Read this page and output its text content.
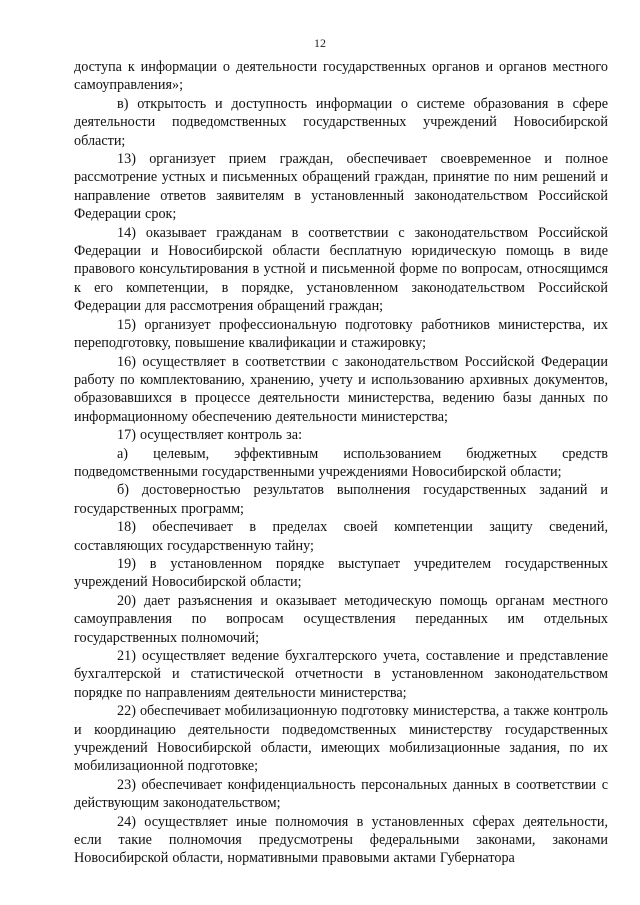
12

доступа к информации о деятельности государственных органов и органов местного самоуправления»;

в) открытость и доступность информации о системе образования в сфере деятельности подведомственных государственных учреждений Новосибирской области;

13) организует прием граждан, обеспечивает своевременное и полное рассмотрение устных и письменных обращений граждан, принятие по ним решений и направление ответов заявителям в установленный законодательством Российской Федерации срок;

14) оказывает гражданам в соответствии с законодательством Российской Федерации и Новосибирской области бесплатную юридическую помощь в виде правового консультирования в устной и письменной форме по вопросам, относящимся к его компетенции, в порядке, установленном законодательством Российской Федерации для рассмотрения обращений граждан;

15) организует профессиональную подготовку работников министерства, их переподготовку, повышение квалификации и стажировку;

16) осуществляет в соответствии с законодательством Российской Федерации работу по комплектованию, хранению, учету и использованию архивных документов, образовавшихся в процессе деятельности министерства, ведению базы данных по информационному обеспечению деятельности министерства;

17) осуществляет контроль за:

а) целевым, эффективным использованием бюджетных средств подведомственными государственными учреждениями Новосибирской области;

б) достоверностью результатов выполнения государственных заданий и государственных программ;

18) обеспечивает в пределах своей компетенции защиту сведений, составляющих государственную тайну;

19) в установленном порядке выступает учредителем государственных учреждений Новосибирской области;

20) дает разъяснения и оказывает методическую помощь органам местного самоуправления по вопросам осуществления переданных им отдельных государственных полномочий;

21) осуществляет ведение бухгалтерского учета, составление и представление бухгалтерской и статистической отчетности в установленном законодательством порядке по направлениям деятельности министерства;

22) обеспечивает мобилизационную подготовку министерства, а также контроль и координацию деятельности подведомственных министерству государственных учреждений Новосибирской области, имеющих мобилизационные задания, по их мобилизационной подготовке;

23) обеспечивает конфиденциальность персональных данных в соответствии с действующим законодательством;

24) осуществляет иные полномочия в установленных сферах деятельности, если такие полномочия предусмотрены федеральными законами, законами Новосибирской области, нормативными правовыми актами Губернатора
